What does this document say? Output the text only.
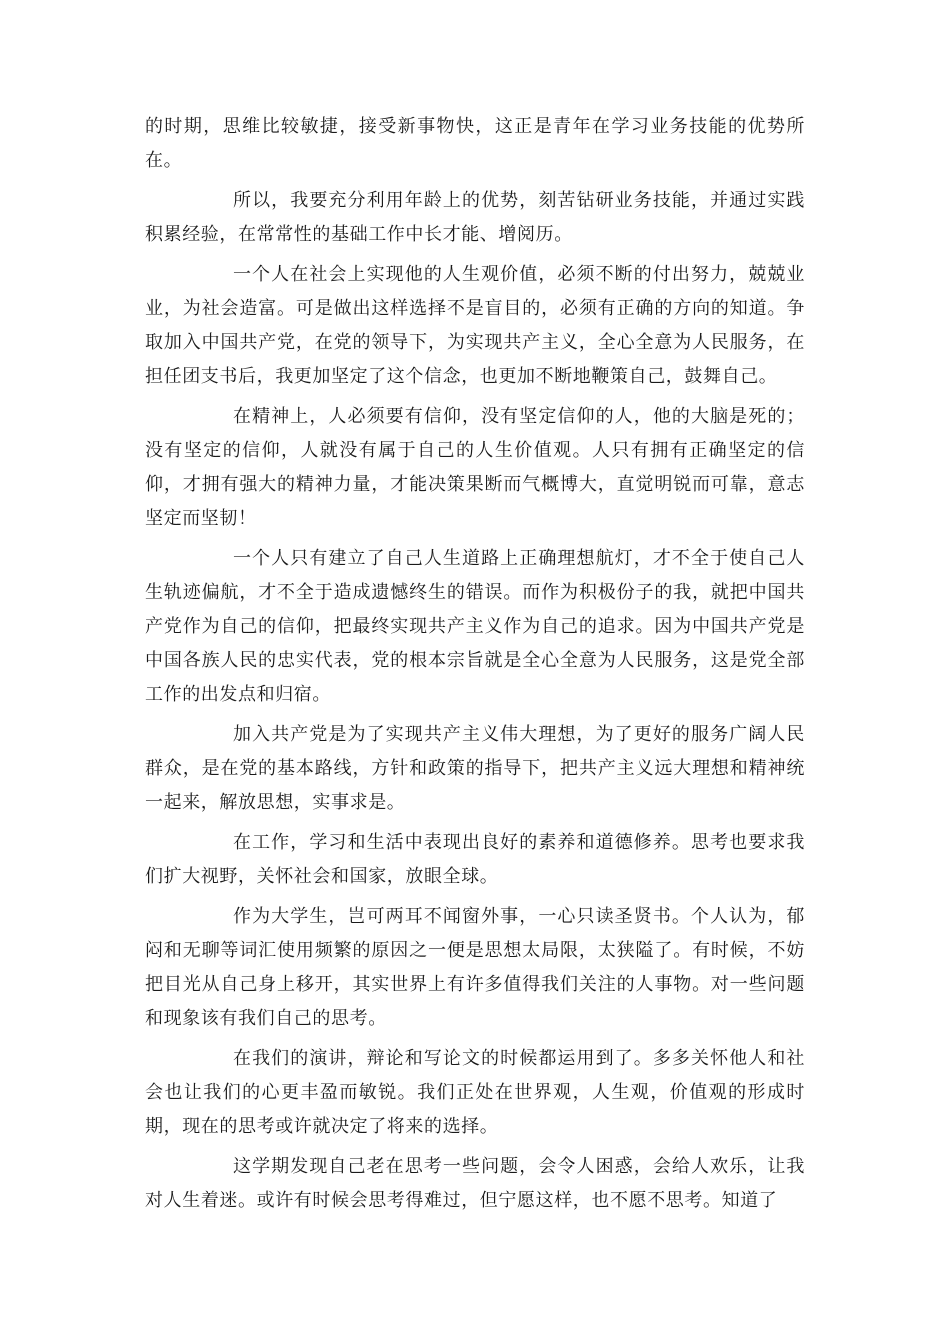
的时期，思维比较敏捷，接受新事物快，这正是青年在学习业务技能的优势所在。

所以，我要充分利用年龄上的优势，刻苦钻研业务技能，并通过实践积累经验，在常常性的基础工作中长才能、增阅历。

一个人在社会上实现他的人生观价值，必须不断的付出努力，兢兢业业，为社会造富。可是做出这样选择不是盲目的，必须有正确的方向的知道。争取加入中国共产党，在党的领导下，为实现共产主义，全心全意为人民服务，在担任团支书后，我更加坚定了这个信念，也更加不断地鞭策自己，鼓舞自己。

在精神上，人必须要有信仰，没有坚定信仰的人，他的大脑是死的；没有坚定的信仰，人就没有属于自己的人生价值观。人只有拥有正确坚定的信仰，才拥有强大的精神力量，才能决策果断而气概博大，直觉明锐而可靠，意志坚定而坚韧！

一个人只有建立了自己人生道路上正确理想航灯，才不全于使自己人生轨迹偏航，才不全于造成遗憾终生的错误。而作为积极份子的我，就把中国共产党作为自己的信仰，把最终实现共产主义作为自己的追求。因为中国共产党是中国各族人民的忠实代表，党的根本宗旨就是全心全意为人民服务，这是党全部工作的出发点和归宿。

加入共产党是为了实现共产主义伟大理想，为了更好的服务广阔人民群众，是在党的基本路线，方针和政策的指导下，把共产主义远大理想和精神统一起来，解放思想，实事求是。

在工作，学习和生活中表现出良好的素养和道德修养。思考也要求我们扩大视野，关怀社会和国家，放眼全球。

作为大学生，岂可两耳不闻窗外事，一心只读圣贤书。个人认为，郁闷和无聊等词汇使用频繁的原因之一便是思想太局限，太狭隘了。有时候，不妨把目光从自己身上移开，其实世界上有许多值得我们关注的人事物。对一些问题和现象该有我们自己的思考。

在我们的演讲，辩论和写论文的时候都运用到了。多多关怀他人和社会也让我们的心更丰盈而敏锐。我们正处在世界观，人生观，价值观的形成时期，现在的思考或许就决定了将来的选择。

这学期发现自己老在思考一些问题，会令人困惑，会给人欢乐，让我对人生着迷。或许有时候会思考得难过，但宁愿这样，也不愿不思考。知道了
